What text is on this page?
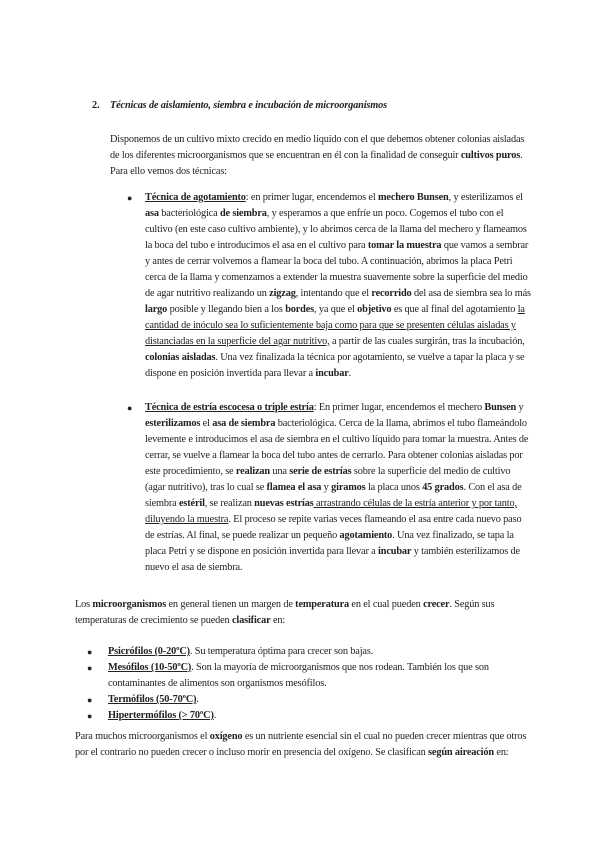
2. Técnicas de aislamiento, siembra e incubación de microorganismos

Disponemos de un cultivo mixto crecido en medio líquido con el que debemos obtener colonias aisladas de los diferentes microorganismos que se encuentran en él con la finalidad de conseguir cultivos puros. Para ello vemos dos técnicas:

● Técnica de agotamiento: en primer lugar, encendemos el mechero Bunsen, y esterilizamos el asa bacteriológica de siembra, y esperamos a que enfríe un poco. Cogemos el tubo con el cultivo (en este caso cultivo ambiente), y lo abrimos cerca de la llama del mechero y flameamos la boca del tubo e introducimos el asa en el cultivo para tomar la muestra que vamos a sembrar y antes de cerrar volvemos a flamear la boca del tubo. A continuación, abrimos la placa Petri cerca de la llama y comenzamos a extender la muestra suavemente sobre la superficie del medio de agar nutritivo realizando un zigzag, intentando que el recorrido del asa de siembra sea lo más largo posible y llegando bien a los bordes, ya que el objetivo es que al final del agotamiento la cantidad de inóculo sea lo suficientemente baja como para que se presenten células aisladas y distanciadas en la superficie del agar nutritivo, a partir de las cuales surgirán, tras la incubación, colonias aisladas. Una vez finalizada la técnica por agotamiento, se vuelve a tapar la placa y se dispone en posición invertida para llevar a incubar.
● Técnica de estría escocesa o triple estría: En primer lugar, encendemos el mechero Bunsen y esterilizamos el asa de siembra bacteriológica. Cerca de la llama, abrimos el tubo flameándolo levemente e introducimos el asa de siembra en el cultivo líquido para tomar la muestra. Antes de cerrar, se vuelve a flamear la boca del tubo antes de cerrarlo. Para obtener colonias aisladas por este procedimiento, se realizan una serie de estrías sobre la superficie del medio de cultivo (agar nutritivo), tras lo cual se flamea el asa y giramos la placa unos 45 grados. Con el asa de siembra estéril, se realizan nuevas estrías arrastrando células de la estría anterior y por tanto, diluyendo la muestra. El proceso se repite varias veces flameando el asa entre cada nuevo paso de estrías. Al final, se puede realizar un pequeño agotamiento. Una vez finalizado, se tapa la placa Petri y se dispone en posición invertida para llevar a incubar y también esterilizamos de nuevo el asa de siembra.

Los microorganismos en general tienen un margen de temperatura en el cual pueden crecer. Según sus temperaturas de crecimiento se pueden clasificar en:

● Psicrófilos (0-20ºC). Su temperatura óptima para crecer son bajas.
● Mesófilos (10-50ºC). Son la mayoría de microorganismos que nos rodean. También los que son contaminantes de alimentos son organismos mesófilos.
● Termófilos (50-70ºC).
● Hipertermófilos (> 70ºC).

Para muchos microorganismos el oxígeno es un nutriente esencial sin el cual no pueden crecer mientras que otros por el contrario no pueden crecer o incluso morir en presencia del oxígeno. Se clasifican según aireación en:
